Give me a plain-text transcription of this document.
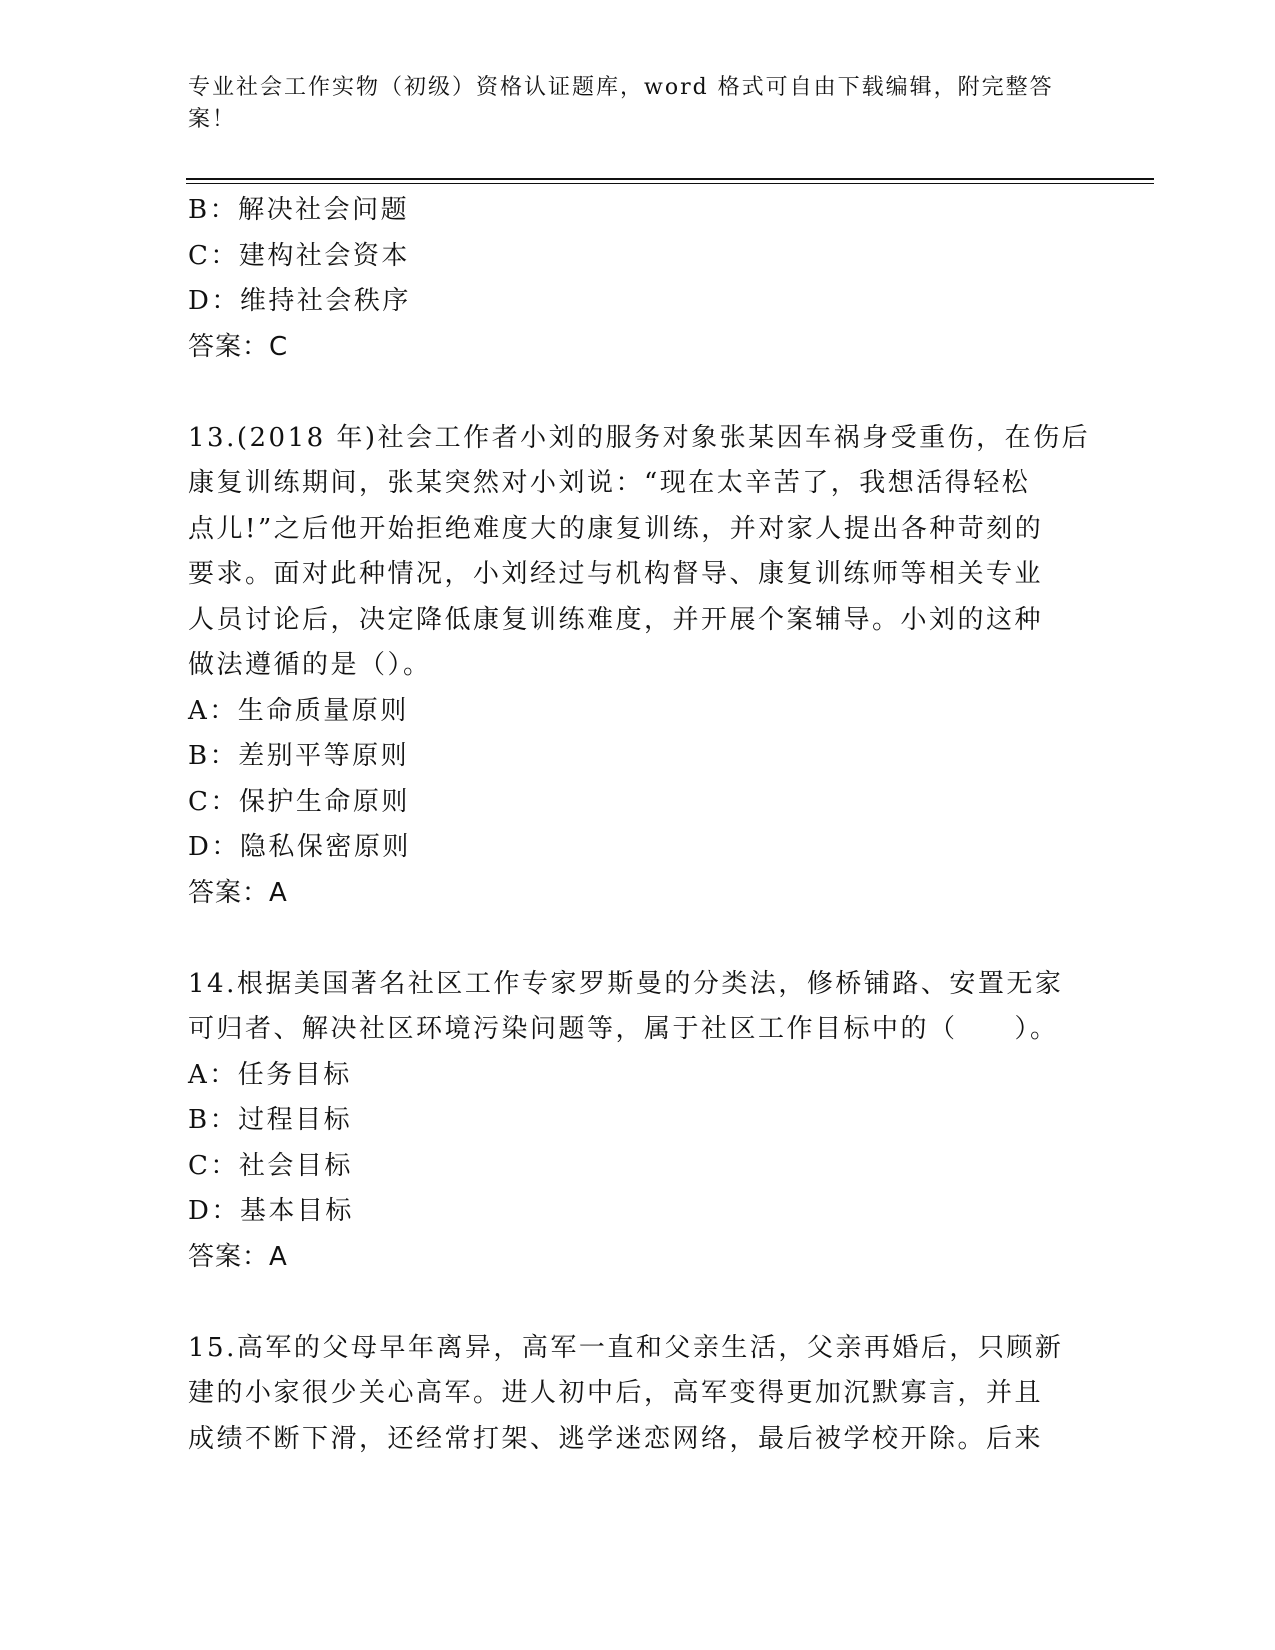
专业社会工作实物（初级）资格认证题库，word 格式可自由下载编辑，附完整答
案！
B：解决社会问题
C：建构社会资本
D：维持社会秩序
答案：C
13.(2018 年)社会工作者小刘的服务对象张某因车祸身受重伤，在伤后
康复训练期间，张某突然对小刘说：“现在太辛苦了，我想活得轻松
点儿!”之后他开始拒绝难度大的康复训练，并对家人提出各种苛刻的
要求。面对此种情况，小刘经过与机构督导、康复训练师等相关专业
人员讨论后，决定降低康复训练难度，并开展个案辅导。小刘的这种
做法遵循的是（）。
A：生命质量原则
B：差别平等原则
C：保护生命原则
D：隐私保密原则
答案：A
14.根据美国著名社区工作专家罗斯曼的分类法，修桥铺路、安置无家
可归者、解决社区环境污染问题等，属于社区工作目标中的（　　）。
A：任务目标
B：过程目标
C：社会目标
D：基本目标
答案：A
15.高军的父母早年离异，高军一直和父亲生活，父亲再婚后，只顾新
建的小家很少关心高军。进人初中后，高军变得更加沉默寡言，并且
成绩不断下滑，还经常打架、逃学迷恋网络，最后被学校开除。后来
